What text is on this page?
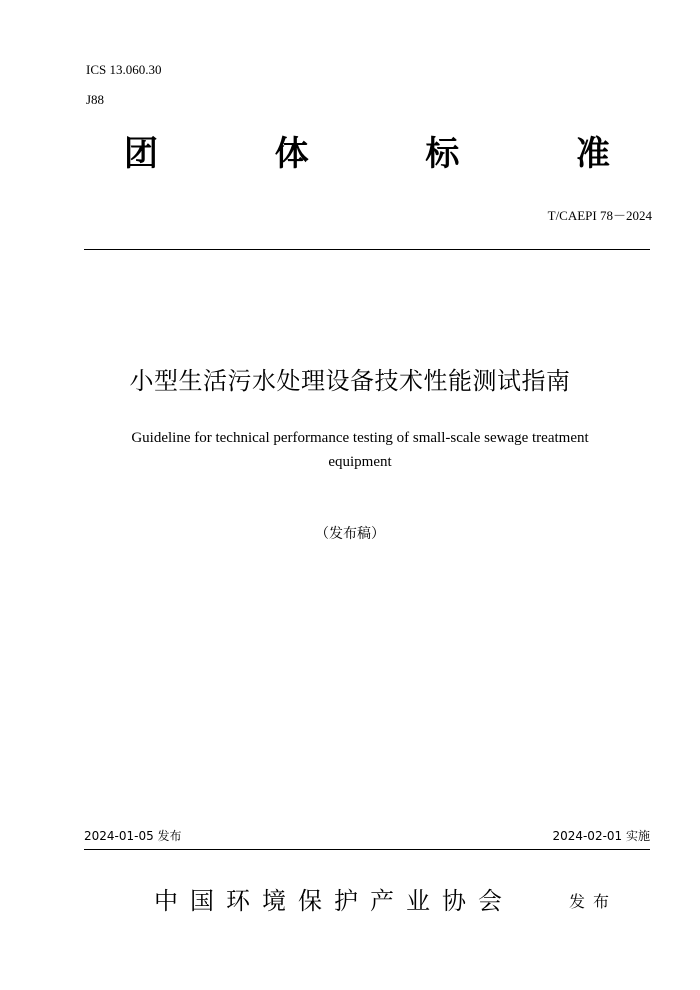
ICS 13.060.30
J88
团	体	标	准
T/CAEPI 78－2024
小型生活污水处理设备技术性能测试指南
Guideline for technical performance testing of small-scale sewage treatment equipment
（发布稿）
2024-01-05 发布	2024-02-01 实施
中国环境保护产业协会	发布
